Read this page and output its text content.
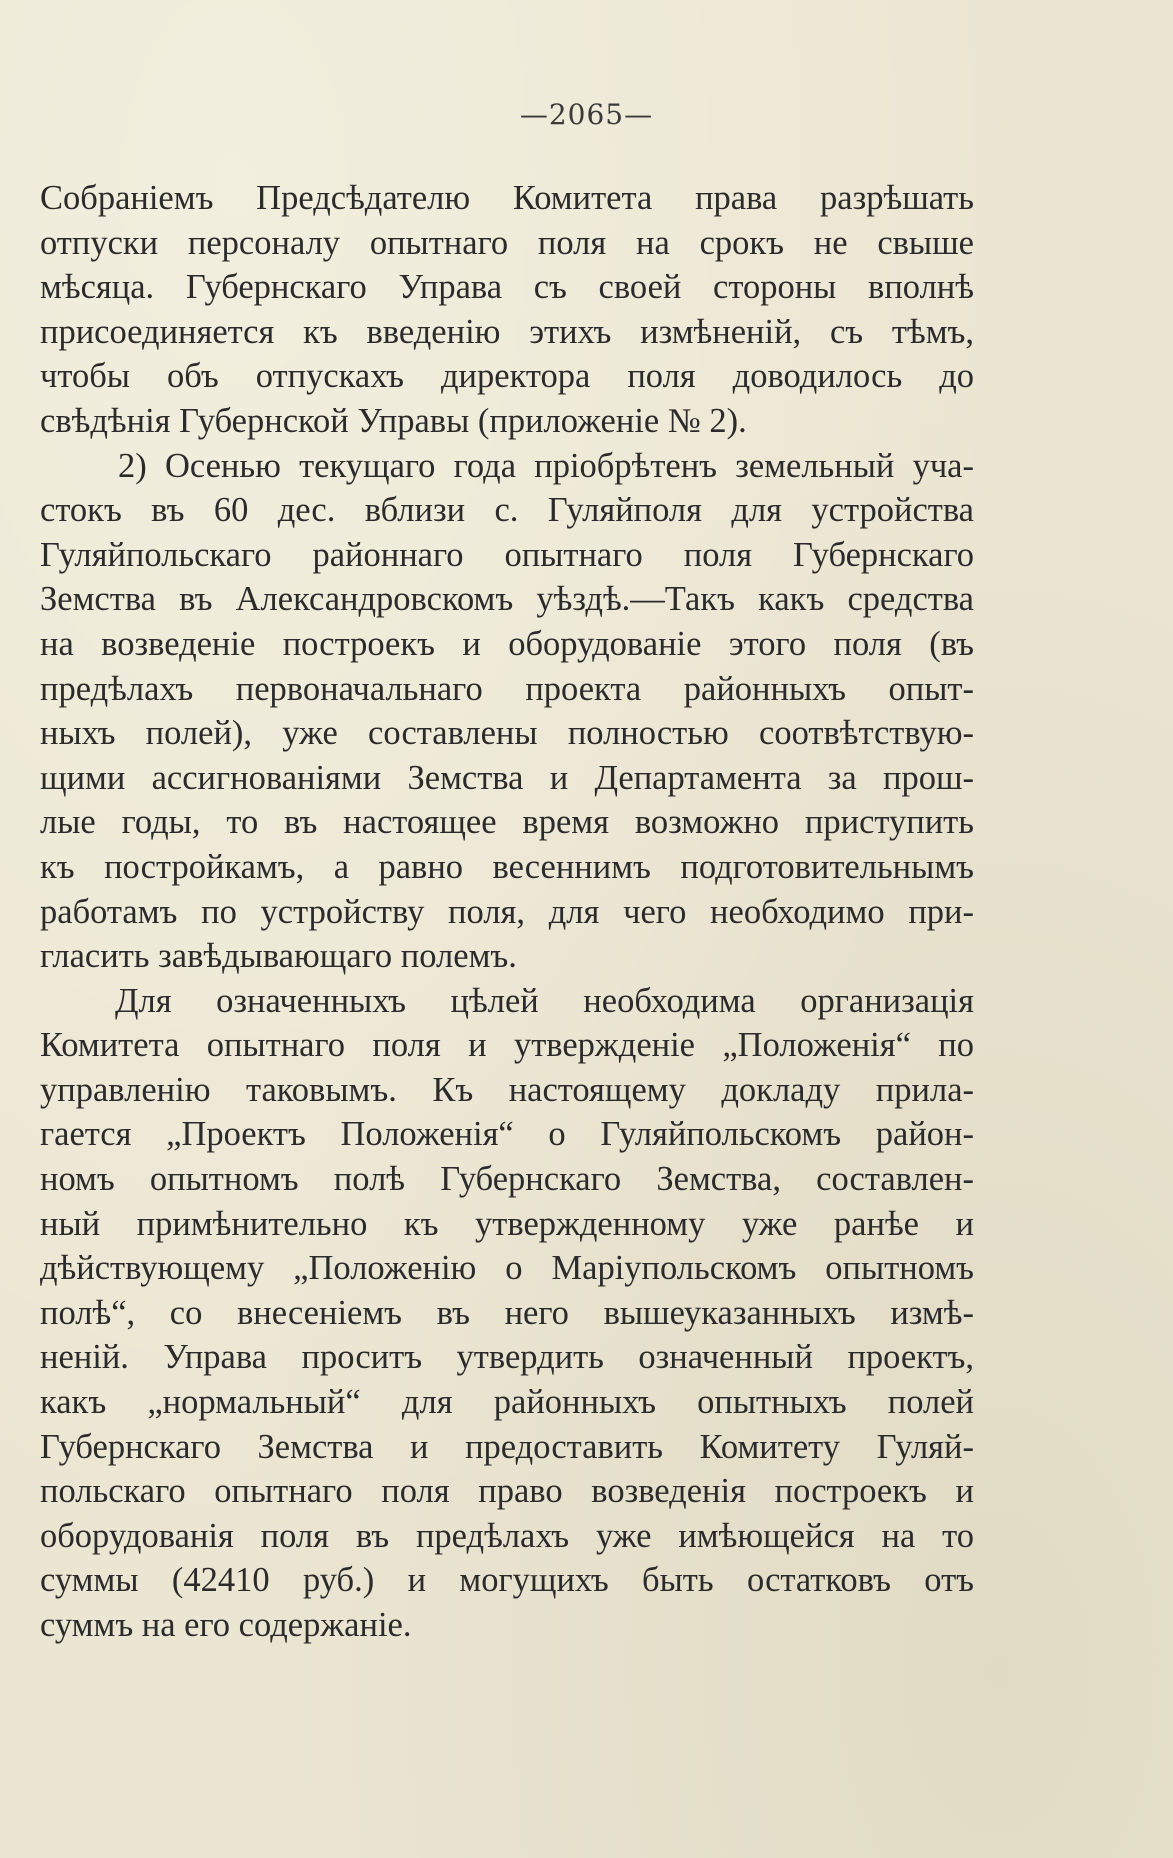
—2065—
Собраніемъ Предсѣдателю Комитета права разрѣшать
отпуски персоналу опытнаго поля на срокъ не свыше
мѣсяца. Губернскаго Управа съ своей стороны вполнѣ
присоединяется къ введенію этихъ измѣненій, съ тѣмъ,
чтобы объ отпускахъ директора поля доводилось до
свѣдѣнія Губернской Управы (приложеніе № 2).
2) Осенью текущаго года пріобрѣтенъ земельный уча-
стокъ въ 60 дес. вблизи с. Гуляйполя для устройства
Гуляйпольскаго районнаго опытнаго поля Губернскаго
Земства въ Александровскомъ уѣздѣ.—Такъ какъ средства
на возведеніе построекъ и оборудованіе этого поля (въ
предѣлахъ первоначальнаго проекта районныхъ опыт-
ныхъ полей), уже составлены полностью соотвѣтствую-
щими ассигнованіями Земства и Департамента за прош-
лые годы, то въ настоящее время возможно приступить
къ постройкамъ, а равно весеннимъ подготовительнымъ
работамъ по устройству поля, для чего необходимо при-
гласить завѣдывающаго полемъ.
Для означенныхъ цѣлей необходима организація
Комитета опытнаго поля и утвержденіе „Положенія“ по
управленію таковымъ. Къ настоящему докладу прила-
гается „Проектъ Положенія“ о Гуляйпольскомъ район-
номъ опытномъ полѣ Губернскаго Земства, составлен-
ный примѣнительно къ утвержденному уже ранѣе и
дѣйствующему „Положенію о Маріупольскомъ опытномъ
полѣ“, со внесеніемъ въ него вышеуказанныхъ измѣ-
неній. Управа проситъ утвердить означенный проектъ,
какъ „нормальный“ для районныхъ опытныхъ полей
Губернскаго Земства и предоставить Комитету Гуляй-
польскаго опытнаго поля право возведенія построекъ и
оборудованія поля въ предѣлахъ уже имѣющейся на то
суммы (42410 руб.) и могущихъ быть остатковъ отъ
суммъ на его содержаніе.
